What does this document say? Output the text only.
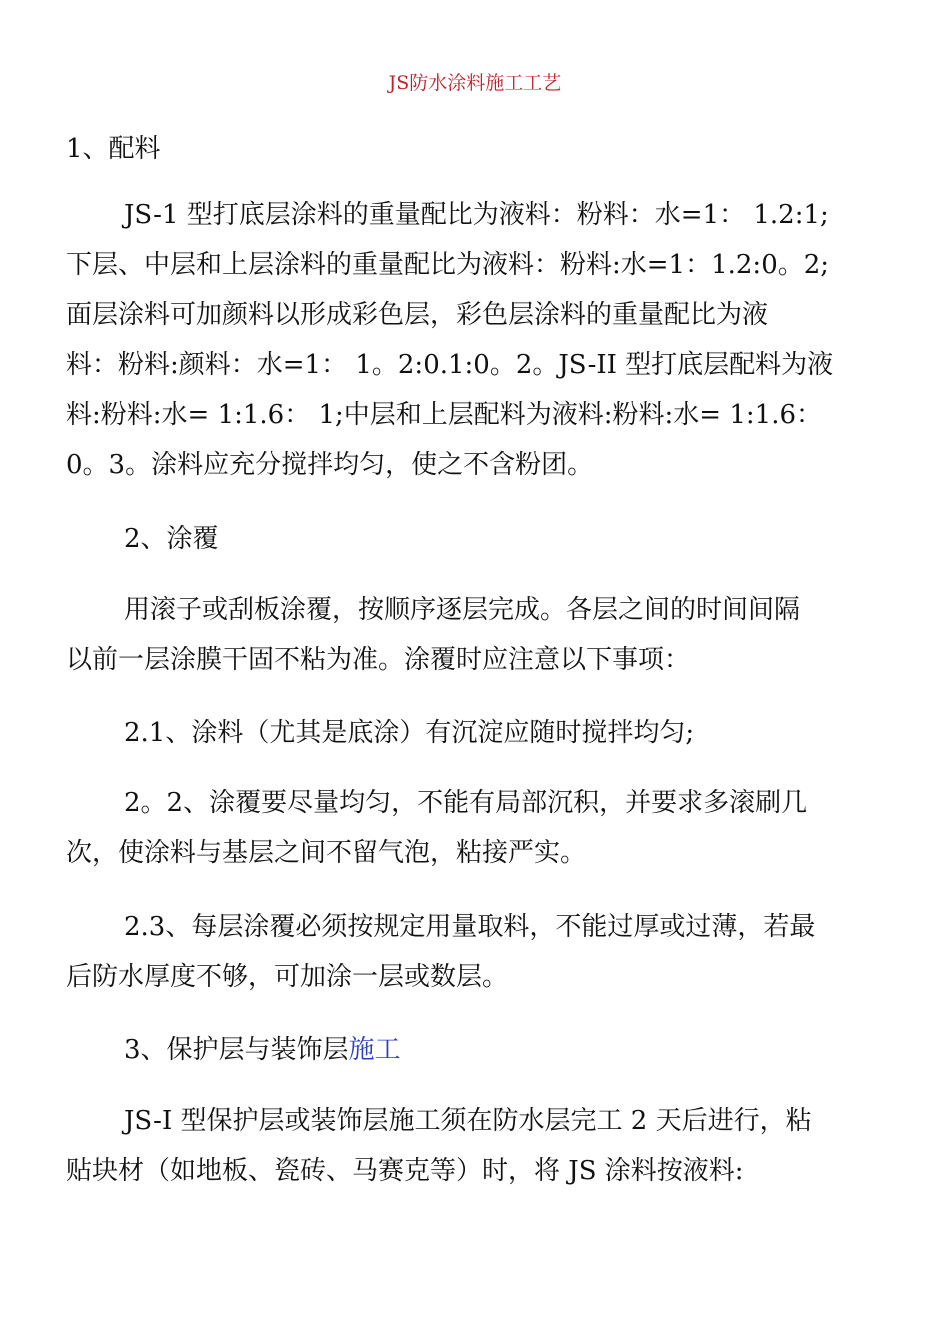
JS防水涂料施工工艺
1、配料
JS-1 型打底层涂料的重量配比为液料：粉料：水=1： 1.2:1;
下层、中层和上层涂料的重量配比为液料：粉料:水=1：1.2:0。2;
面层涂料可加颜料以形成彩色层，彩色层涂料的重量配比为液
料：粉料:颜料：水=1： 1。2:0.1:0。2。JS-II 型打底层配料为液
料:粉料:水= 1:1.6： 1;中层和上层配料为液料:粉料:水= 1:1.6：
0。3。涂料应充分搅拌均匀，使之不含粉团。
2、涂覆
用滚子或刮板涂覆，按顺序逐层完成。各层之间的时间间隔
以前一层涂膜干固不粘为准。涂覆时应注意以下事项：
2.1、涂料（尤其是底涂）有沉淀应随时搅拌均匀;
2。2、涂覆要尽量均匀，不能有局部沉积，并要求多滚刷几
次，使涂料与基层之间不留气泡，粘接严实。
2.3、每层涂覆必须按规定用量取料，不能过厚或过薄，若最
后防水厚度不够，可加涂一层或数层。
3、保护层与装饰层施工
JS-I 型保护层或装饰层施工须在防水层完工 2 天后进行，粘
贴块材（如地板、瓷砖、马赛克等）时，将 JS 涂料按液料:
